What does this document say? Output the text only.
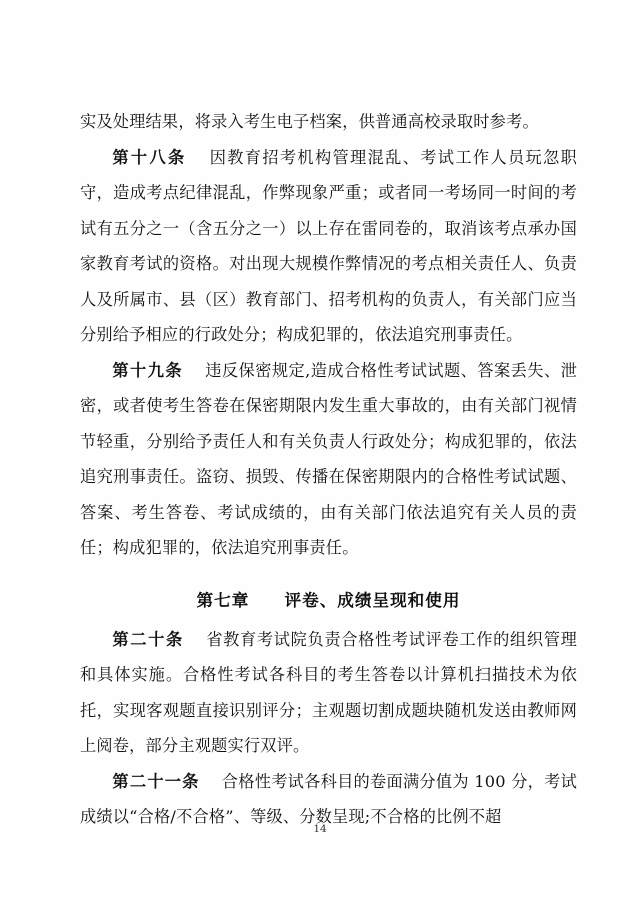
实及处理结果，将录入考生电子档案，供普通高校录取时参考。

第十八条   因教育招考机构管理混乱、考试工作人员玩忽职守，造成考点纪律混乱，作弊现象严重；或者同一考场同一时间的考试有五分之一（含五分之一）以上存在雷同卷的，取消该考点承办国家教育考试的资格。对出现大规模作弊情况的考点相关责任人、负责人及所属市、县（区）教育部门、招考机构的负责人，有关部门应当分别给予相应的行政处分；构成犯罪的，依法追究刑事责任。

第十九条   违反保密规定,造成合格性考试试题、答案丢失、泄密，或者使考生答卷在保密期限内发生重大事故的，由有关部门视情节轻重，分别给予责任人和有关负责人行政处分；构成犯罪的，依法追究刑事责任。盗窃、损毁、传播在保密期限内的合格性考试试题、答案、考生答卷、考试成绩的，由有关部门依法追究有关人员的责任；构成犯罪的，依法追究刑事责任。

第七章　　评卷、成绩呈现和使用

第二十条   省教育考试院负责合格性考试评卷工作的组织管理和具体实施。合格性考试各科目的考生答卷以计算机扫描技术为依托，实现客观题直接识别评分；主观题切割成题块随机发送由教师网上阅卷，部分主观题实行双评。

第二十一条   合格性考试各科目的卷面满分值为 100 分，考试成绩以“合格/不合格”、等级、分数呈现;不合格的比例不超

14
